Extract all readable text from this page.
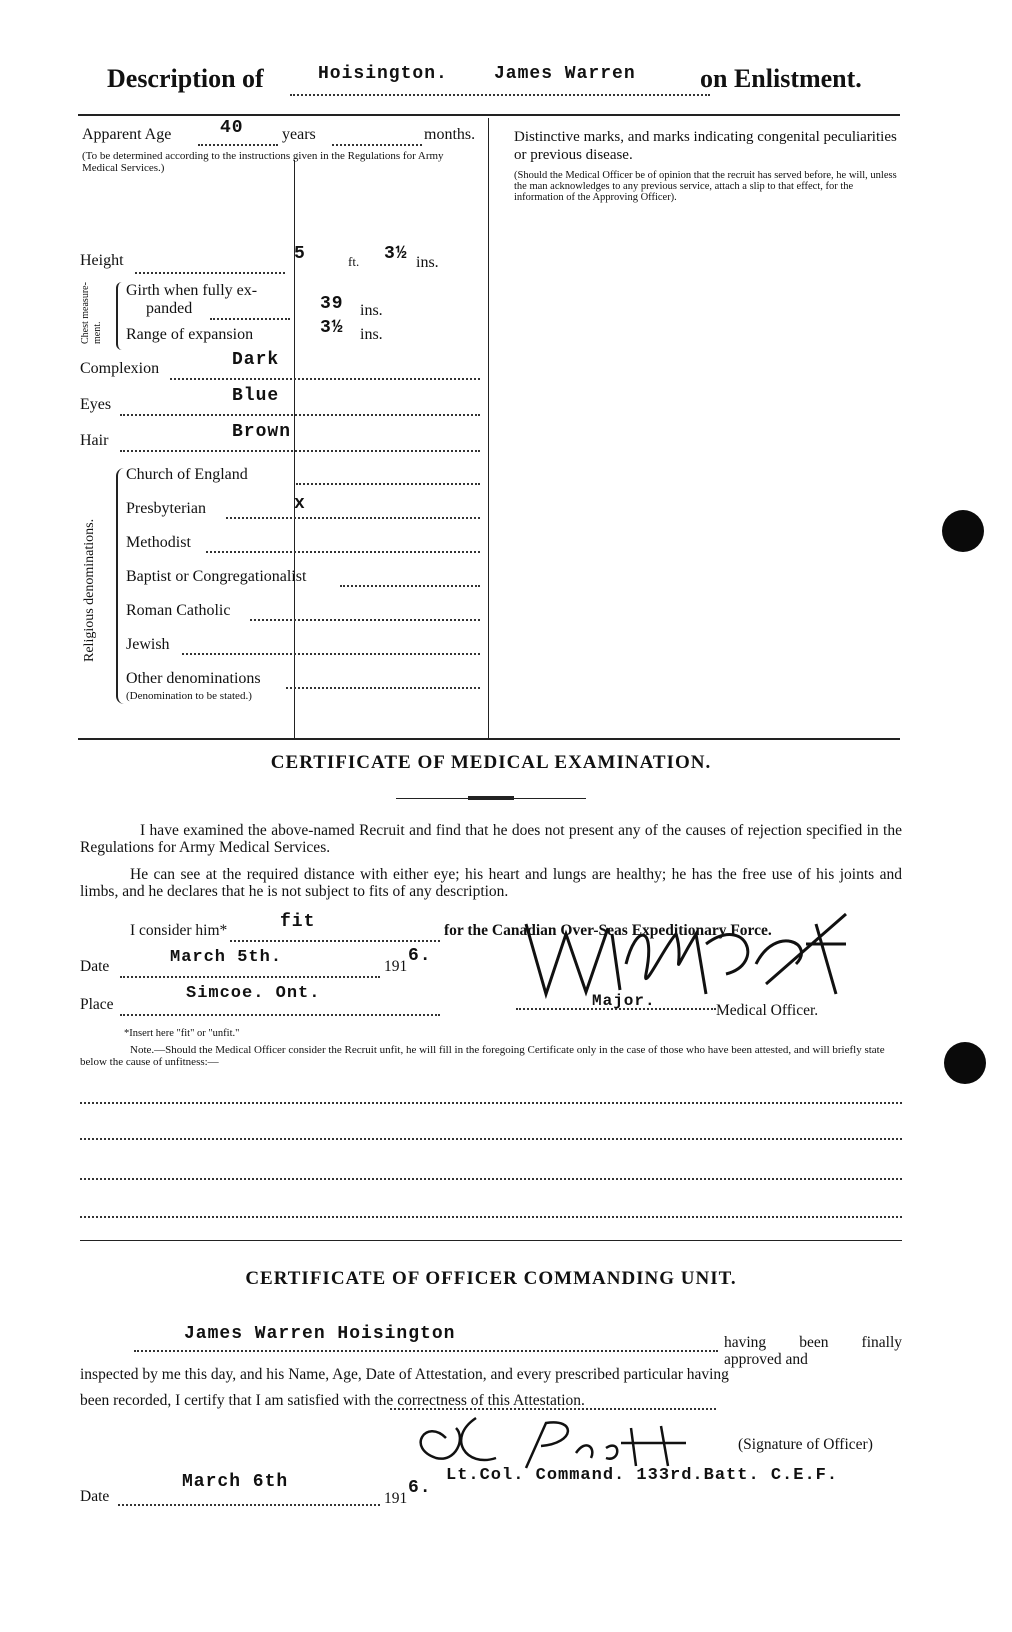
Description of	Hoisington.	James Warren on Enlistment.
Apparent Age	40 years	months.
(To be determined according to the instructions given in the Regulations for Army Medical Services.)
Height	5	ft. 3½ ins.
Chest measure-ment.
Girth when fully ex-
panded	39 ins.
Range of expansion	3½ ins.
Complexion	Dark
Eyes	Blue
Hair	Brown
Religious denominations.
Church of England
Presbyterian	x
Methodist
Baptist or Congregationalist
Roman Catholic
Jewish
Other denominations
(Denomination to be stated.)
Distinctive marks, and marks indicating congenital peculiarities or previous disease.
(Should the Medical Officer be of opinion that the recruit has served before, he will, unless the man acknowledges to any previous service, attach a slip to that effect, for the information of the Approving Officer).
CERTIFICATE OF MEDICAL EXAMINATION.
I have examined the above-named Recruit and find that he does not present any of the causes of rejection specified in the Regulations for Army Medical Services.
He can see at the required distance with either eye; his heart and lungs are healthy; he has the free use of his joints and limbs, and he declares that he is not subject to fits of any description.
I consider him*	fit	for the Canadian Over-Seas Expeditionary Force.
Date	March 5th.	191
6.
Place
Simcoe. Ont.	Major.
Medical Officer.
*Insert here "fit" or "unfit."
Note.—Should the Medical Officer consider the Recruit unfit, he will fill in the foregoing Certificate only in the case of those who have been attested, and will briefly state below the cause of unfitness:—
CERTIFICATE OF OFFICER COMMANDING UNIT.
James Warren Hoisington	having been finally approved and
inspected by me this day, and his Name, Age, Date of Attestation, and every prescribed particular having
been recorded, I certify that I am satisfied with the correctness of this Attestation.
(Signature of Officer)
Date
March 6th
191
6.
Lt.Col. Command. 133rd.Batt. C.E.F.
